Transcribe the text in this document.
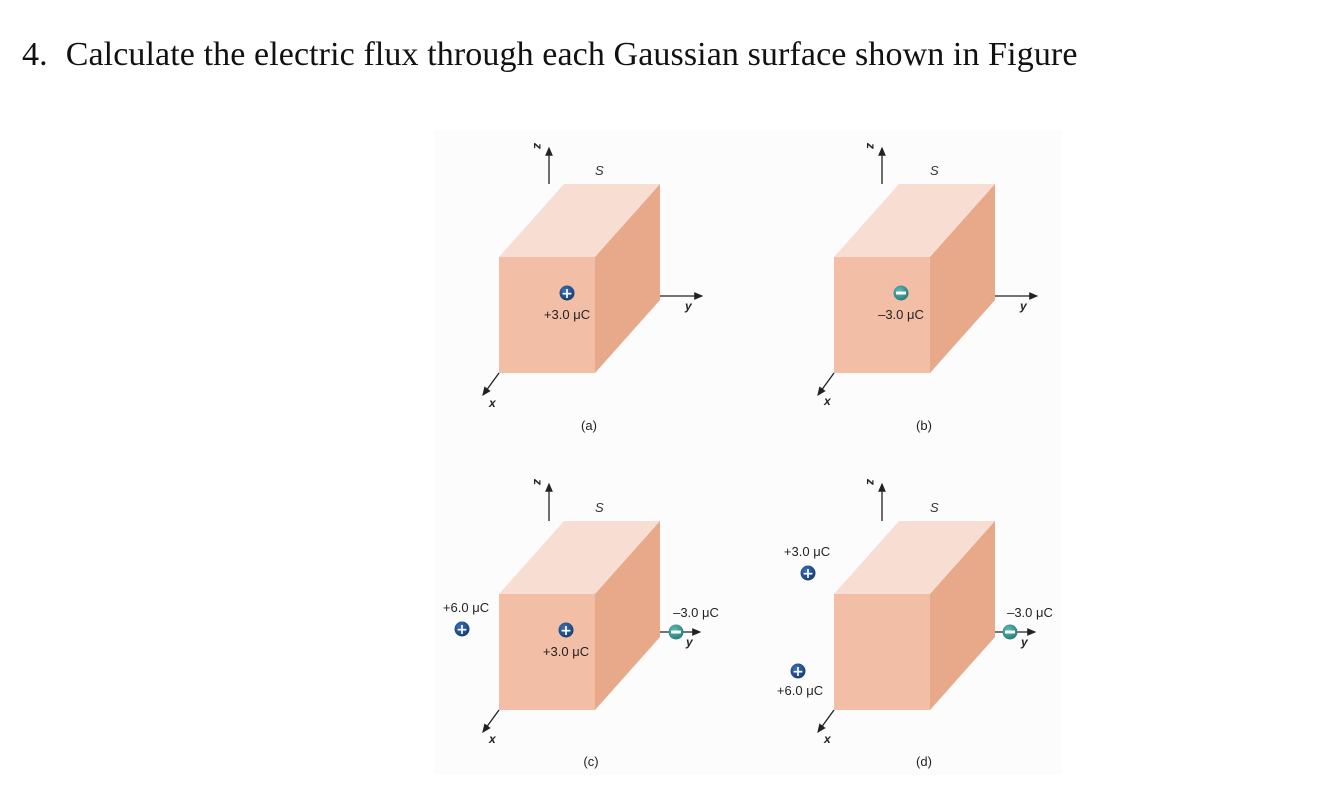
4. Calculate the electric flux through each Gaussian surface shown in Figure
z
y
x
S
+
+3.0 μC
(a)
z
y
x
S
–3.0 μC
(b)
z
y
x
S
+
+3.0 μC
+
+6.0 μC	–3.0 μC
(c)
z
y
x
S
+3.0 μC
+
+
+6.0 μC
–3.0 μC
(d)
